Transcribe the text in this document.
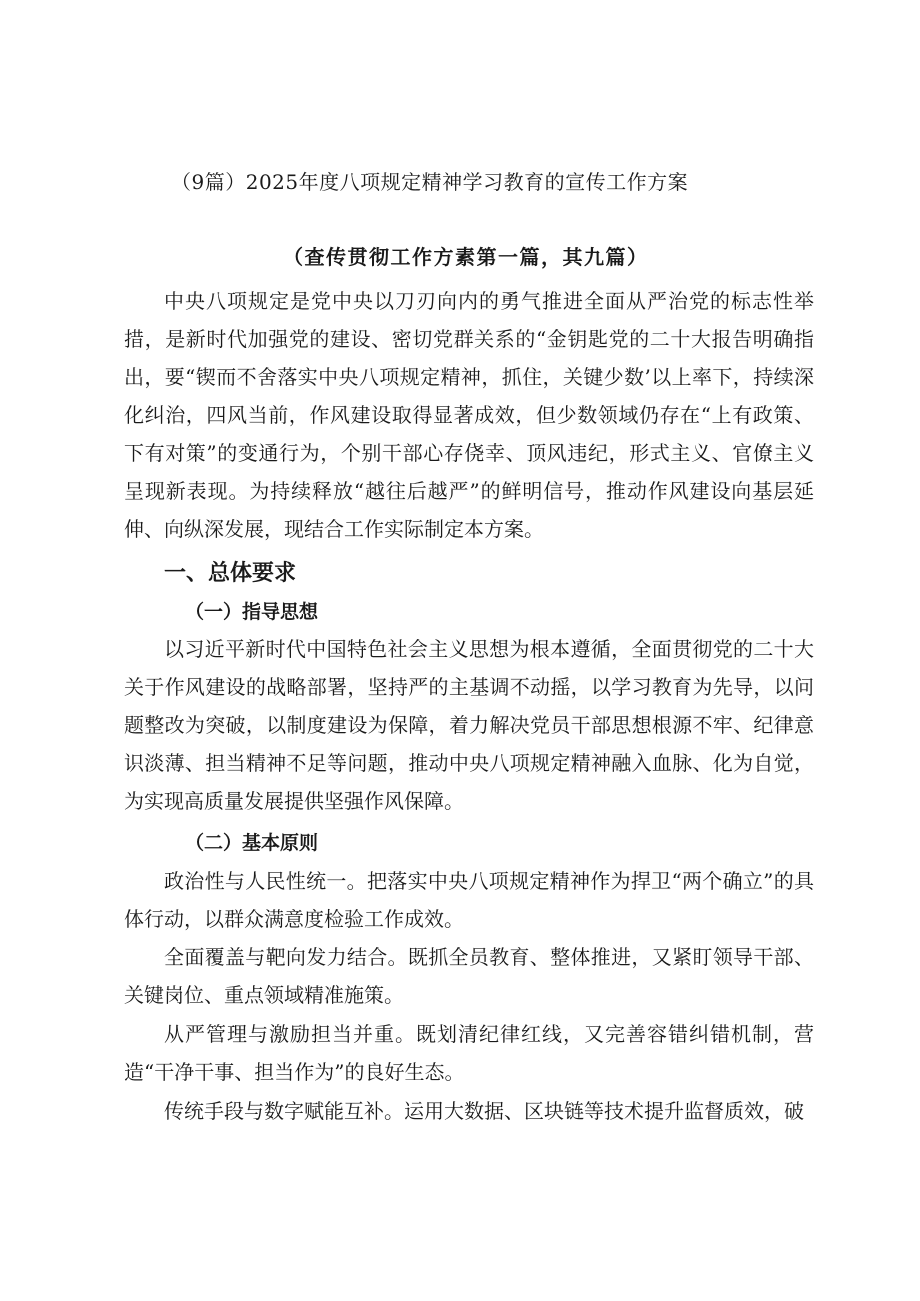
（9篇）2025年度八项规定精神学习教育的宣传工作方案
（查传贯彻工作方素第一篇，其九篇）

中央八项规定是党中央以刀刃向内的勇气推进全面从严治党的标志性举措，是新时代加强党的建设、密切党群关系的“金钥匙党的二十大报告明确指出，要“锲而不舍落实中央八项规定精神，抓住，关键少数’以上率下，持续深化纠治，四风当前，作风建设取得显著成效，但少数领域仍存在“上有政策、下有对策”的变通行为，个别干部心存侥幸、顶风违纪，形式主义、官僚主义呈现新表现。为持续释放“越往后越严”的鲜明信号，推动作风建设向基层延伸、向纵深发展，现结合工作实际制定本方案。

一、总体要求
（一）指导思想

以习近平新时代中国特色社会主义思想为根本遵循，全面贯彻党的二十大关于作风建设的战略部署，坚持严的主基调不动摇，以学习教育为先导，以问题整改为突破，以制度建设为保障，着力解决党员干部思想根源不牢、纪律意识淡薄、担当精神不足等问题，推动中央八项规定精神融入血脉、化为自觉，为实现高质量发展提供坚强作风保障。

（二）基本原则

政治性与人民性统一。把落实中央八项规定精神作为捍卫“两个确立”的具体行动，以群众满意度检验工作成效。

全面覆盖与靶向发力结合。既抓全员教育、整体推进，又紧盯领导干部、关键岗位、重点领域精准施策。

从严管理与激励担当并重。既划清纪律红线，又完善容错纠错机制，营造“干净干事、担当作为”的良好生态。

传统手段与数字赋能互补。运用大数据、区块链等技术提升监督质效，破
